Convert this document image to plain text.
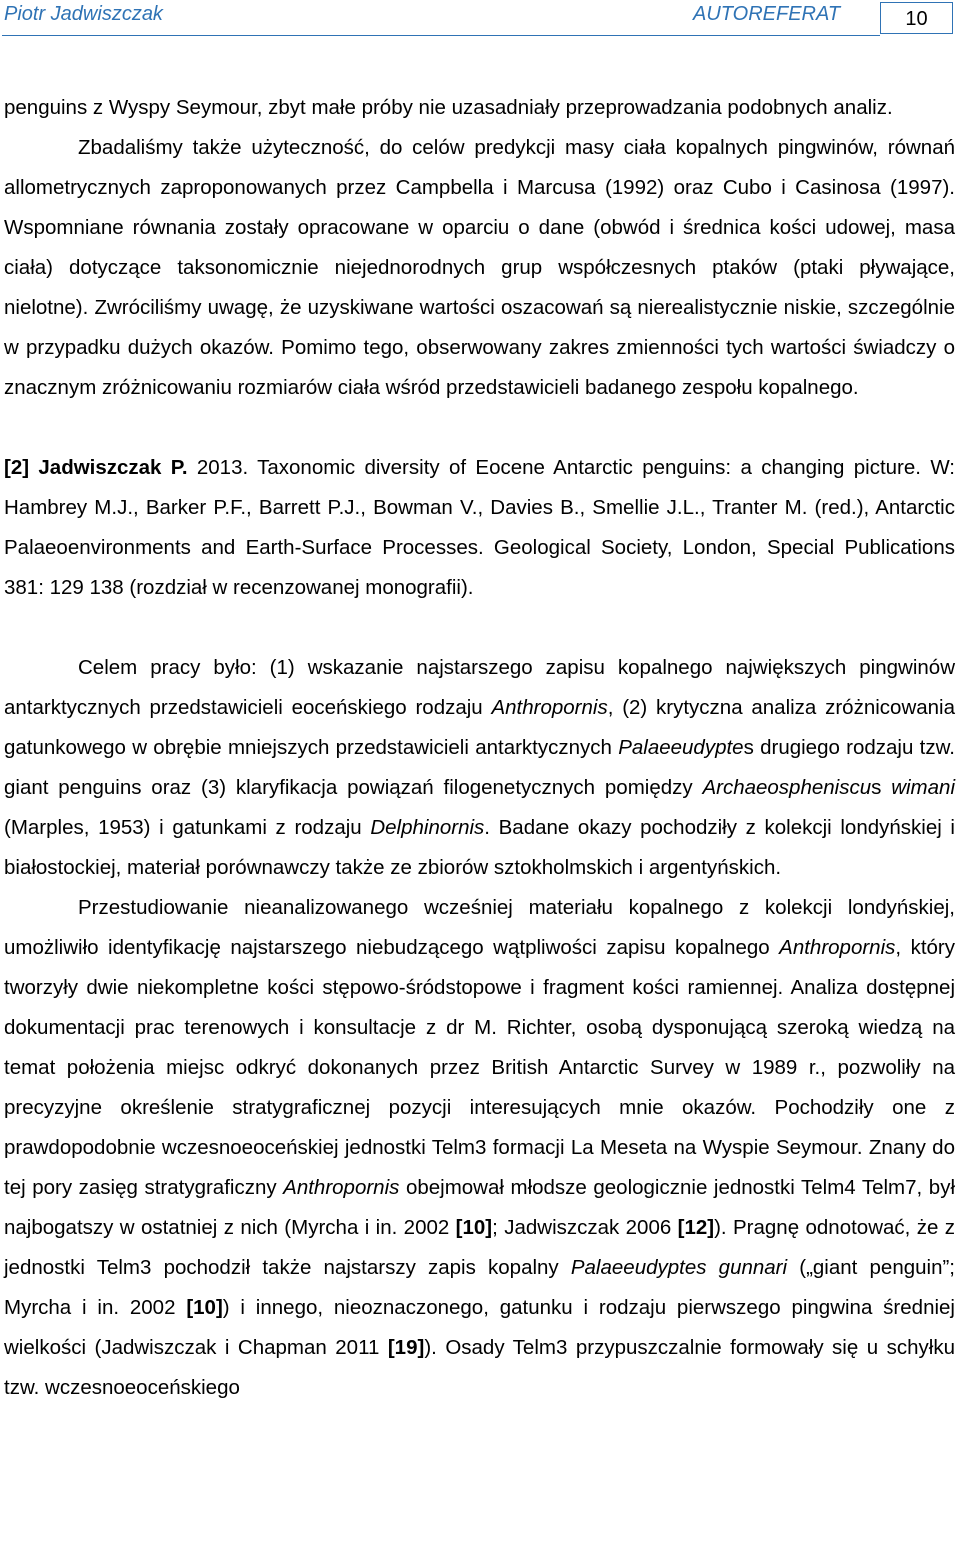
Piotr Jadwiszczak	AUTOREFERAT	10

penguins z Wyspy Seymour, zbyt małe próby nie uzasadniały przeprowadzania podobnych analiz.

Zbadaliśmy także użyteczność, do celów predykcji masy ciała kopalnych pingwinów, równań allometrycznych zaproponowanych przez Campbella i Marcusa (1992) oraz Cubo i Casinosa (1997). Wspomniane równania zostały opracowane w oparciu o dane (obwód i średnica kości udowej, masa ciała) dotyczące taksonomicznie niejednorodnych grup współczesnych ptaków (ptaki pływające, nielotne). Zwróciliśmy uwagę, że uzyskiwane wartości oszacowań są nierealistycznie niskie, szczególnie w przypadku dużych okazów. Pomimo tego, obserwowany zakres zmienności tych wartości świadczy o znacznym zróżnicowaniu rozmiarów ciała wśród przedstawicieli badanego zespołu kopalnego.

[2] Jadwiszczak P. 2013. Taxonomic diversity of Eocene Antarctic penguins: a changing picture. W: Hambrey M.J., Barker P.F., Barrett P.J., Bowman V., Davies B., Smellie J.L., Tranter M. (red.), Antarctic Palaeoenvironments and Earth-Surface Processes. Geological Society, London, Special Publications 381: 129 138 (rozdział w recenzowanej monografii).

Celem pracy było: (1) wskazanie najstarszego zapisu kopalnego największych pingwinów antarktycznych przedstawicieli eoceńskiego rodzaju Anthropornis, (2) krytyczna analiza zróżnicowania gatunkowego w obrębie mniejszych przedstawicieli antarktycznych Palaeeudyptes drugiego rodzaju tzw. giant penguins oraz (3) klaryfikacja powiązań filogenetycznych pomiędzy Archaeospheniscus wimani (Marples, 1953) i gatunkami z rodzaju Delphinornis. Badane okazy pochodziły z kolekcji londyńskiej i białostockiej, materiał porównawczy także ze zbiorów sztokholmskich i argentyńskich.

Przestudiowanie nieanalizowanego wcześniej materiału kopalnego z kolekcji londyńskiej, umożliwiło identyfikację najstarszego niebudzącego wątpliwości zapisu kopalnego Anthropornis, który tworzyły dwie niekompletne kości stępowo-śródstopowe i fragment kości ramiennej. Analiza dostępnej dokumentacji prac terenowych i konsultacje z dr M. Richter, osobą dysponującą szeroką wiedzą na temat położenia miejsc odkryć dokonanych przez British Antarctic Survey w 1989 r., pozwoliły na precyzyjne określenie stratygraficznej pozycji interesujących mnie okazów. Pochodziły one z prawdopodobnie wczesnoeoceńskiej jednostki Telm3 formacji La Meseta na Wyspie Seymour. Znany do tej pory zasięg stratygraficzny Anthropornis obejmował młodsze geologicznie jednostki Telm4 Telm7, był najbogatszy w ostatniej z nich (Myrcha i in. 2002 [10]; Jadwiszczak 2006 [12]). Pragnę odnotować, że z jednostki Telm3 pochodził także najstarszy zapis kopalny Palaeeudyptes gunnari („giant penguin”; Myrcha i in. 2002 [10]) i innego, nieoznaczonego, gatunku i rodzaju pierwszego pingwina średniej wielkości (Jadwiszczak i Chapman 2011 [19]). Osady Telm3 przypuszczalnie formowały się u schyłku tzw. wczesnoeoceńskiego
